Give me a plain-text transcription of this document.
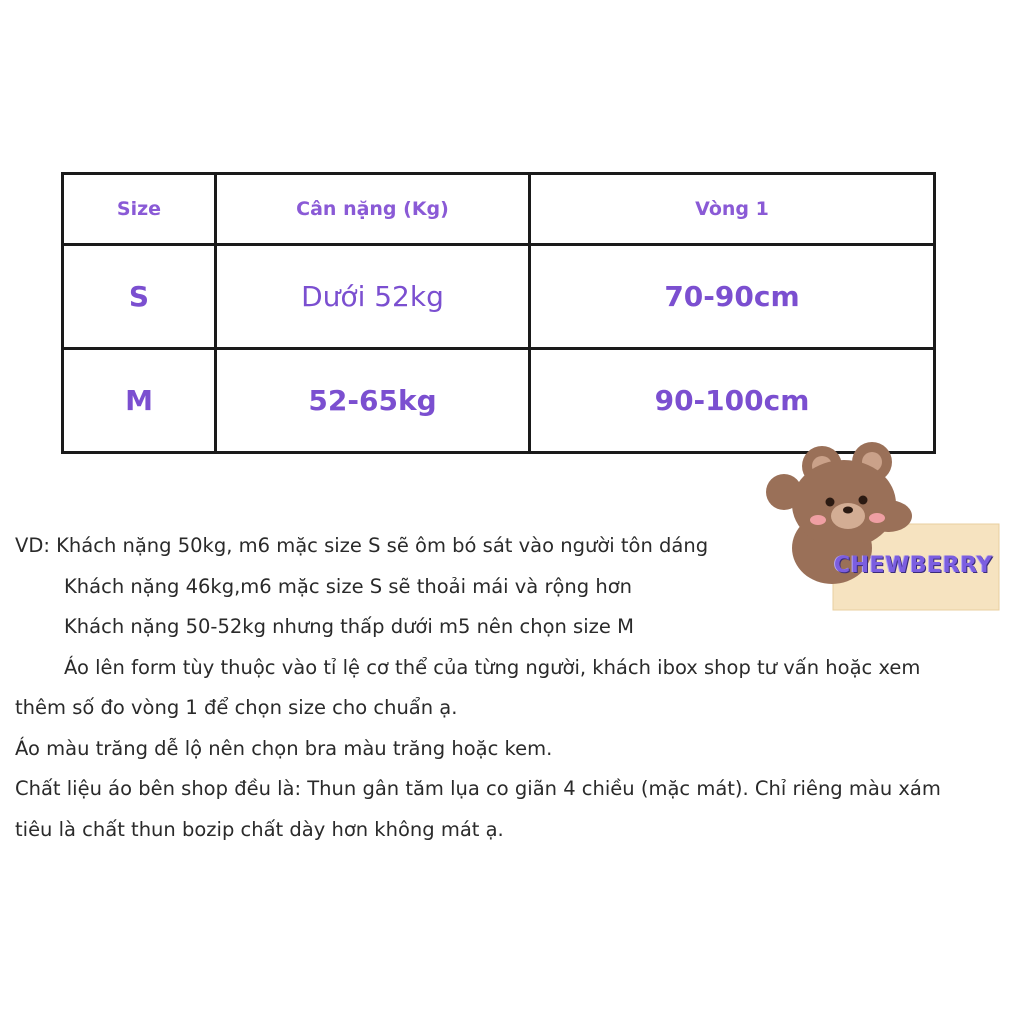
Size	Cân nặng (Kg)	Vòng 1
S	Dưới 52kg	70-90cm
M	52-65kg	90-100cm
CHEWBERRY

VD: Khách nặng 50kg, m6 mặc size S sẽ ôm bó sát vào người tôn dáng

Khách nặng 46kg,m6 mặc size S sẽ thoải mái và rộng hơn

Khách nặng 50-52kg nhưng thấp dưới m5 nên chọn size M

Áo lên form tùy thuộc vào tỉ lệ cơ thể của từng người, khách ibox shop tư vấn hoặc xem

thêm số đo vòng 1 để chọn size cho chuẩn ạ.

Áo màu trăng dễ lộ nên chọn bra màu trăng hoặc kem.

Chất liệu áo bên shop đều là: Thun gân tăm lụa co giãn 4 chiều (mặc mát). Chỉ riêng màu xám

tiêu là chất thun bozip chất dày hơn không mát ạ.
